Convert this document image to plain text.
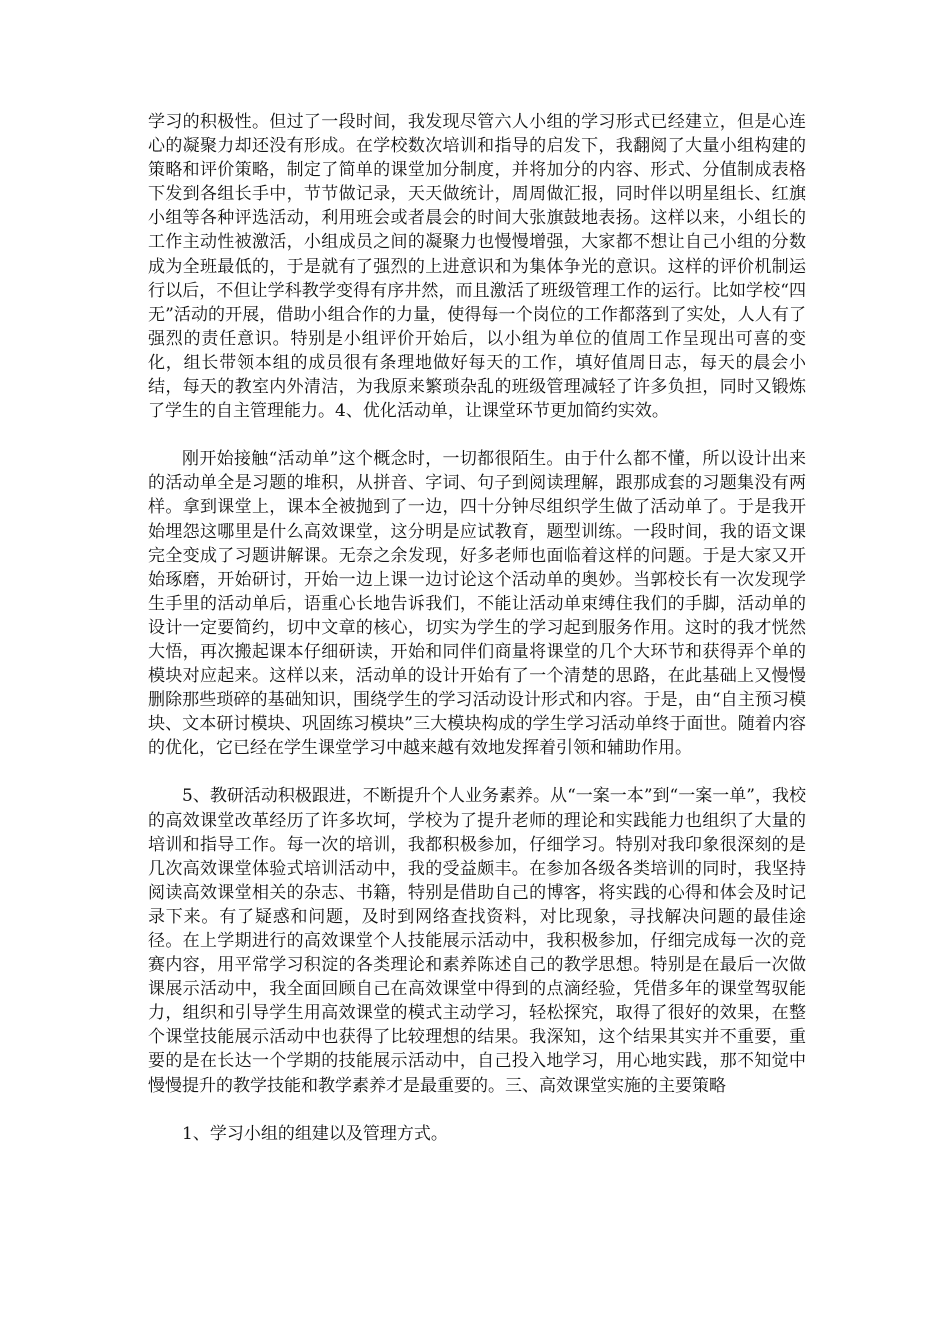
学习的积极性。但过了一段时间，我发现尽管六人小组的学习形式已经建立，但是心连心的凝聚力却还没有形成。在学校数次培训和指导的启发下，我翻阅了大量小组构建的策略和评价策略，制定了简单的课堂加分制度，并将加分的内容、形式、分值制成表格下发到各组长手中，节节做记录，天天做统计，周周做汇报，同时伴以明星组长、红旗小组等各种评选活动，利用班会或者晨会的时间大张旗鼓地表扬。这样以来，小组长的工作主动性被激活，小组成员之间的凝聚力也慢慢增强，大家都不想让自己小组的分数成为全班最低的，于是就有了强烈的上进意识和为集体争光的意识。这样的评价机制运行以后，不但让学科教学变得有序井然，而且激活了班级管理工作的运行。比如学校“四无”活动的开展，借助小组合作的力量，使得每一个岗位的工作都落到了实处，人人有了强烈的责任意识。特别是小组评价开始后，以小组为单位的值周工作呈现出可喜的变化，组长带领本组的成员很有条理地做好每天的工作，填好值周日志，每天的晨会小结，每天的教室内外清洁，为我原来繁琐杂乱的班级管理减轻了许多负担，同时又锻炼了学生的自主管理能力。4、优化活动单，让课堂环节更加简约实效。

刚开始接触“活动单”这个概念时，一切都很陌生。由于什么都不懂，所以设计出来的活动单全是习题的堆积，从拼音、字词、句子到阅读理解，跟那成套的习题集没有两样。拿到课堂上，课本全被抛到了一边，四十分钟尽组织学生做了活动单了。于是我开始埋怨这哪里是什么高效课堂，这分明是应试教育，题型训练。一段时间，我的语文课完全变成了习题讲解课。无奈之余发现，好多老师也面临着这样的问题。于是大家又开始琢磨，开始研讨，开始一边上课一边讨论这个活动单的奥妙。当郭校长有一次发现学生手里的活动单后，语重心长地告诉我们，不能让活动单束缚住我们的手脚，活动单的设计一定要简约，切中文章的核心，切实为学生的学习起到服务作用。这时的我才恍然大悟，再次搬起课本仔细研读，开始和同伴们商量将课堂的几个大环节和获得弄个单的模块对应起来。这样以来，活动单的设计开始有了一个清楚的思路，在此基础上又慢慢删除那些琐碎的基础知识，围绕学生的学习活动设计形式和内容。于是，由“自主预习模块、文本研讨模块、巩固练习模块”三大模块构成的学生学习活动单终于面世。随着内容的优化，它已经在学生课堂学习中越来越有效地发挥着引领和辅助作用。

5、教研活动积极跟进，不断提升个人业务素养。从“一案一本”到“一案一单”，我校的高效课堂改革经历了许多坎坷，学校为了提升老师的理论和实践能力也组织了大量的培训和指导工作。每一次的培训，我都积极参加，仔细学习。特别对我印象很深刻的是几次高效课堂体验式培训活动中，我的受益颇丰。在参加各级各类培训的同时，我坚持阅读高效课堂相关的杂志、书籍，特别是借助自己的博客，将实践的心得和体会及时记录下来。有了疑惑和问题，及时到网络查找资料，对比现象，寻找解决问题的最佳途径。在上学期进行的高效课堂个人技能展示活动中，我积极参加，仔细完成每一次的竞赛内容，用平常学习积淀的各类理论和素养陈述自己的教学思想。特别是在最后一次做课展示活动中，我全面回顾自己在高效课堂中得到的点滴经验，凭借多年的课堂驾驭能力，组织和引导学生用高效课堂的模式主动学习，轻松探究，取得了很好的效果，在整个课堂技能展示活动中也获得了比较理想的结果。我深知，这个结果其实并不重要，重要的是在长达一个学期的技能展示活动中，自己投入地学习，用心地实践，那不知觉中慢慢提升的教学技能和教学素养才是最重要的。三、高效课堂实施的主要策略

1、学习小组的组建以及管理方式。
